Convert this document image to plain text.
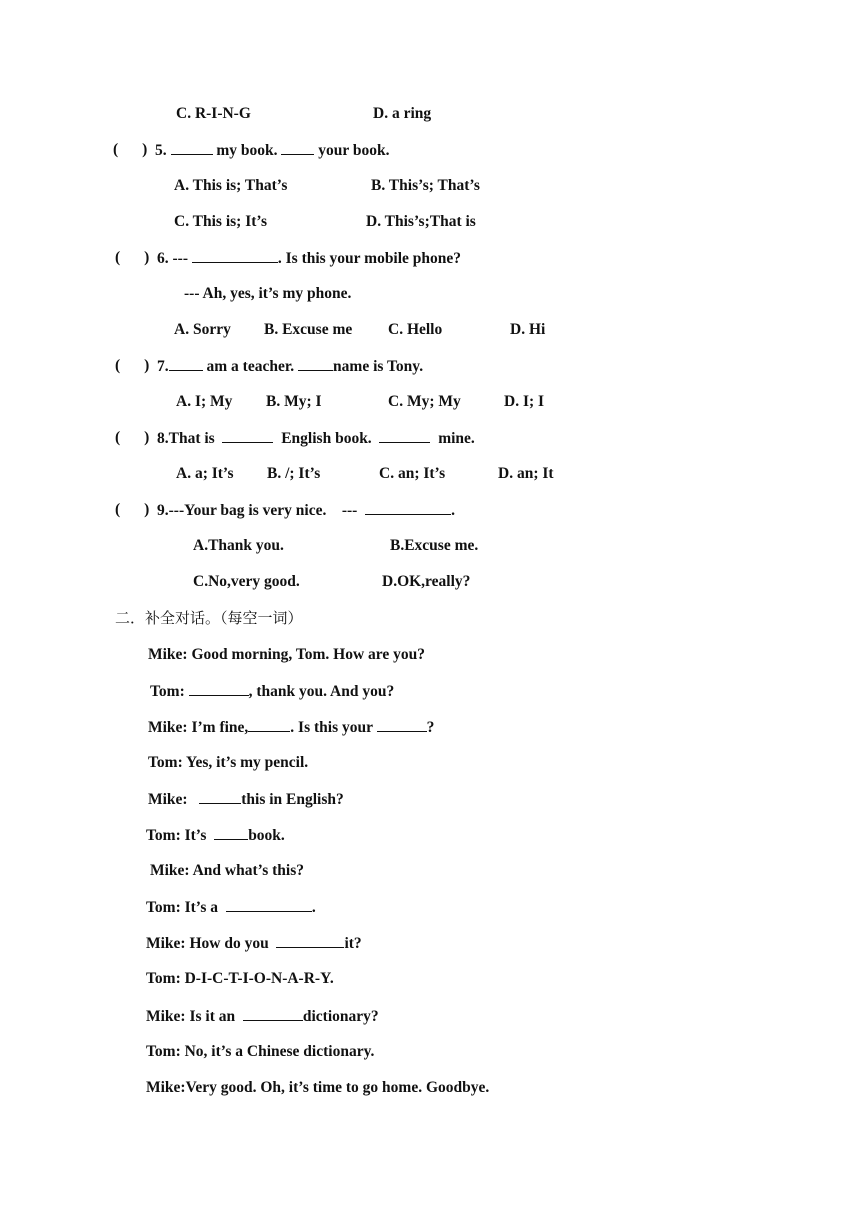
C. R-I-N-G	D. a ring
( ) 5.	my book.	your book.
A. This is; That’s	B. This’s; That’s
C. This is; It’s	D. This’s;That is
( ) 6. ---	. Is this your mobile phone?
--- Ah, yes, it’s my phone.
A. Sorry B. Excuse me C. Hello	D. Hi
( ) 7. am a teacher.	name is Tony.
A. I; My B. My; I	C. My; My	D. I; I
( ) 8.That is	English book.	mine.
A. a; It’s B. /; It’s	C. an; It’s	D. an; It
( ) 9.---Your bag is very nice. ---	.
A.Thank you.	B.Excuse me.
C.No,very good.	D.OK,really?
二．补全对话。（每空一词）
Mike: Good morning, Tom. How are you?
Tom:	, thank you. And you?
Mike: I’m fine,	. Is this your	?
Tom: Yes, it’s my pencil.
Mike:	this in English?
Tom: It’s	book.
Mike: And what’s this?
Tom: It’s a	.
Mike: How do you	it?
Tom: D-I-C-T-I-O-N-A-R-Y.
Mike: Is it an	dictionary?
Tom: No, it’s a Chinese dictionary.
Mike:Very good. Oh, it’s time to go home. Goodbye.
